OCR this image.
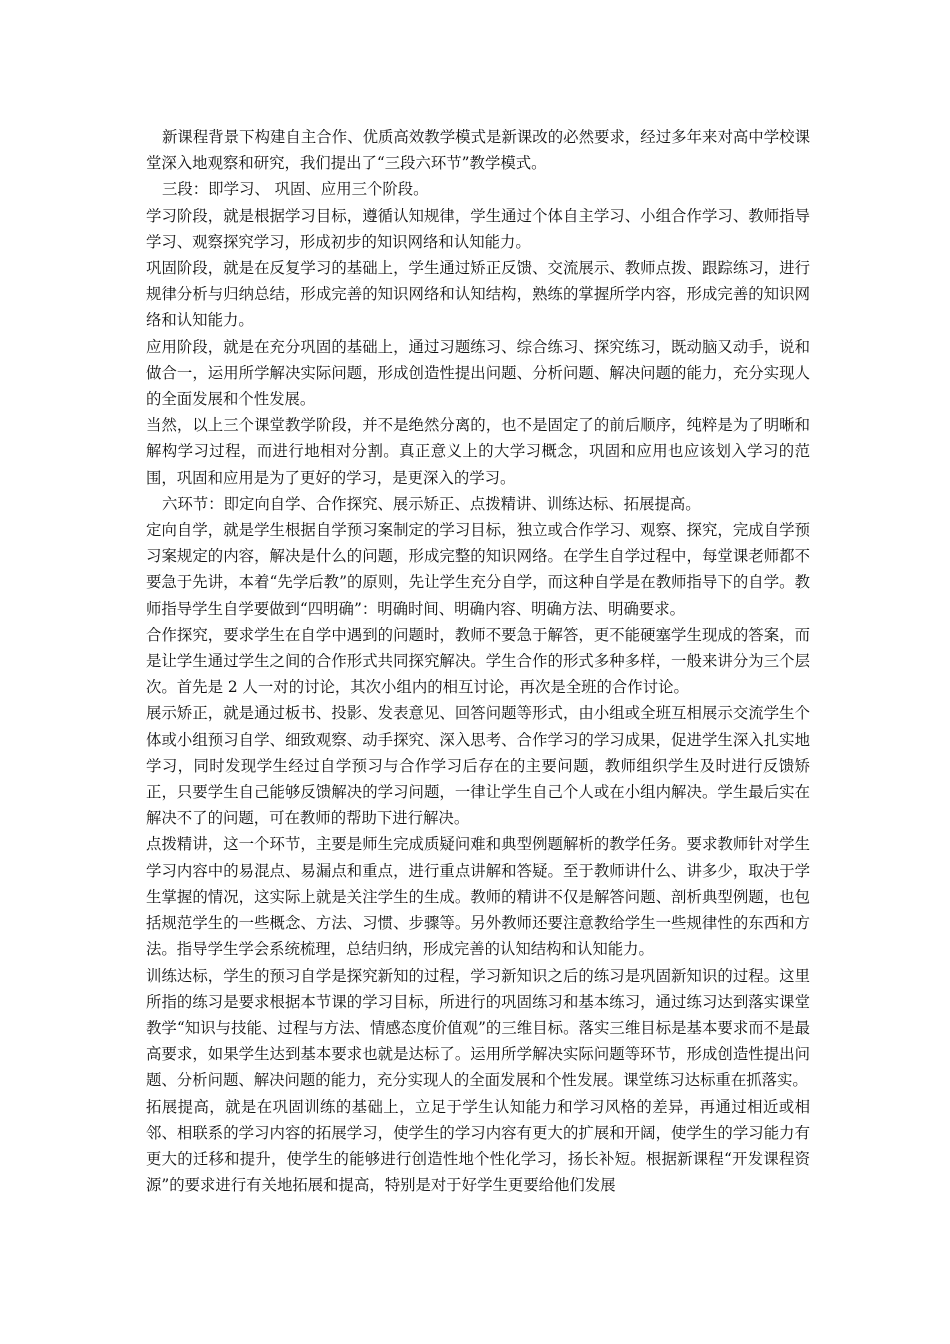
新课程背景下构建自主合作、优质高效教学模式是新课改的必然要求，经过多年来对高中学校课堂深入地观察和研究，我们提出了“三段六环节”教学模式。

三段：即学习、 巩固、应用三个阶段。

学习阶段，就是根据学习目标，遵循认知规律，学生通过个体自主学习、小组合作学习、教师指导学习、观察探究学习，形成初步的知识网络和认知能力。

巩固阶段，就是在反复学习的基础上，学生通过矫正反馈、交流展示、教师点拨、跟踪练习，进行规律分析与归纳总结，形成完善的知识网络和认知结构，熟练的掌握所学内容，形成完善的知识网络和认知能力。

应用阶段，就是在充分巩固的基础上，通过习题练习、综合练习、探究练习，既动脑又动手，说和做合一，运用所学解决实际问题，形成创造性提出问题、分析问题、解决问题的能力，充分实现人的全面发展和个性发展。

当然，以上三个课堂教学阶段，并不是绝然分离的，也不是固定了的前后顺序，纯粹是为了明晰和解构学习过程，而进行地相对分割。真正意义上的大学习概念，巩固和应用也应该划入学习的范围，巩固和应用是为了更好的学习，是更深入的学习。

六环节：即定向自学、合作探究、展示矫正、点拨精讲、训练达标、拓展提高。

定向自学，就是学生根据自学预习案制定的学习目标，独立或合作学习、观察、探究，完成自学预习案规定的内容，解决是什么的问题，形成完整的知识网络。在学生自学过程中，每堂课老师都不要急于先讲，本着“先学后教”的原则，先让学生充分自学，而这种自学是在教师指导下的自学。教师指导学生自学要做到“四明确”：明确时间、明确内容、明确方法、明确要求。

合作探究，要求学生在自学中遇到的问题时，教师不要急于解答，更不能硬塞学生现成的答案，而是让学生通过学生之间的合作形式共同探究解决。学生合作的形式多种多样，一般来讲分为三个层次。首先是 2 人一对的讨论，其次小组内的相互讨论，再次是全班的合作讨论。

展示矫正，就是通过板书、投影、发表意见、回答问题等形式，由小组或全班互相展示交流学生个体或小组预习自学、细致观察、动手探究、深入思考、合作学习的学习成果，促进学生深入扎实地学习，同时发现学生经过自学预习与合作学习后存在的主要问题，教师组织学生及时进行反馈矫正，只要学生自己能够反馈解决的学习问题，一律让学生自己个人或在小组内解决。学生最后实在解决不了的问题，可在教师的帮助下进行解决。

点拨精讲，这一个环节，主要是师生完成质疑问难和典型例题解析的教学任务。要求教师针对学生学习内容中的易混点、易漏点和重点，进行重点讲解和答疑。至于教师讲什么、讲多少，取决于学生掌握的情况，这实际上就是关注学生的生成。教师的精讲不仅是解答问题、剖析典型例题，也包括规范学生的一些概念、方法、习惯、步骤等。另外教师还要注意教给学生一些规律性的东西和方法。指导学生学会系统梳理，总结归纳，形成完善的认知结构和认知能力。

训练达标，学生的预习自学是探究新知的过程，学习新知识之后的练习是巩固新知识的过程。这里所指的练习是要求根据本节课的学习目标，所进行的巩固练习和基本练习，通过练习达到落实课堂教学“知识与技能、过程与方法、情感态度价值观”的三维目标。落实三维目标是基本要求而不是最高要求，如果学生达到基本要求也就是达标了。运用所学解决实际问题等环节，形成创造性提出问题、分析问题、解决问题的能力，充分实现人的全面发展和个性发展。课堂练习达标重在抓落实。

拓展提高，就是在巩固训练的基础上，立足于学生认知能力和学习风格的差异，再通过相近或相邻、相联系的学习内容的拓展学习，使学生的学习内容有更大的扩展和开阔，使学生的学习能力有更大的迁移和提升，使学生的能够进行创造性地个性化学习，扬长补短。根据新课程“开发课程资源”的要求进行有关地拓展和提高，特别是对于好学生更要给他们发展
